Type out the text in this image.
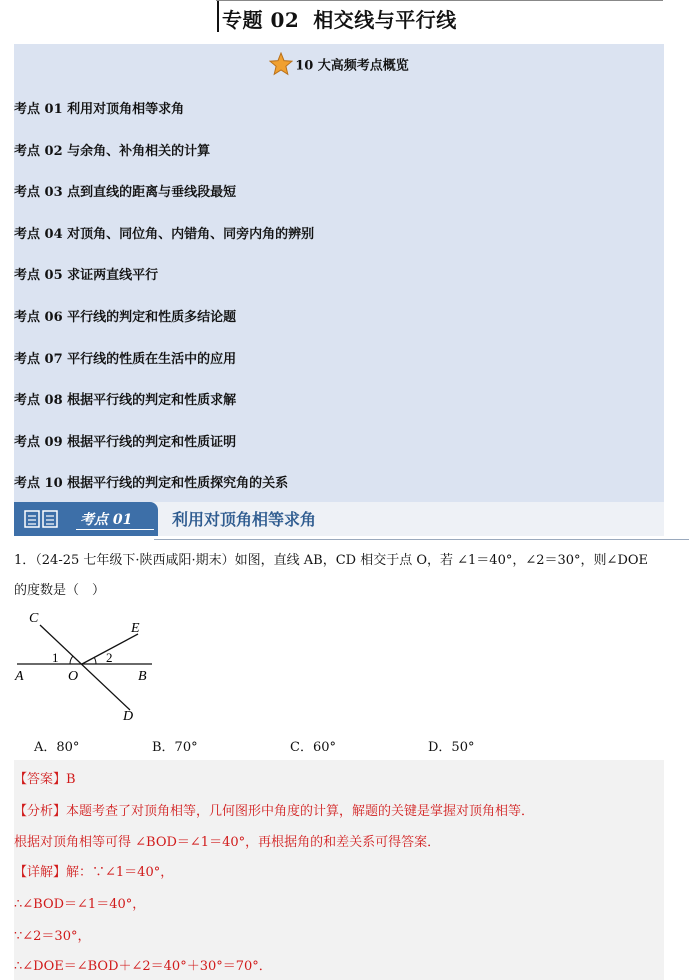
专题 02 相交线与平行线
10 大高频考点概览
考点 01 利用对顶角相等求角
考点 02 与余角、补角相关的计算
考点 03 点到直线的距离与垂线段最短
考点 04 对顶角、同位角、内错角、同旁内角的辨别
考点 05 求证两直线平行
考点 06 平行线的判定和性质多结论题
考点 07 平行线的性质在生活中的应用
考点 08 根据平行线的判定和性质求解
考点 09 根据平行线的判定和性质证明
考点 10 根据平行线的判定和性质探究角的关系
考点 01 利用对顶角相等求角
1．（24-25 七年级下·陕西咸阳·期末）如图，直线 AB，CD 相交于点 O，若 ∠1＝40°，∠2＝30°，则∠DOE
的度数是（　）
C
E
1	2
A	O	B
D
A．80°	B．70°	C．60°	D．50°
【答案】B
【分析】本题考查了对顶角相等，几何图形中角度的计算，解题的关键是掌握对顶角相等．
根据对顶角相等可得 ∠BOD＝∠1＝40°，再根据角的和差关系可得答案．
【详解】解：∵∠1＝40°，
∴∠BOD＝∠1＝40°，
∵∠2＝30°，
∴∠DOE＝∠BOD＋∠2＝40°＋30°＝70°．
